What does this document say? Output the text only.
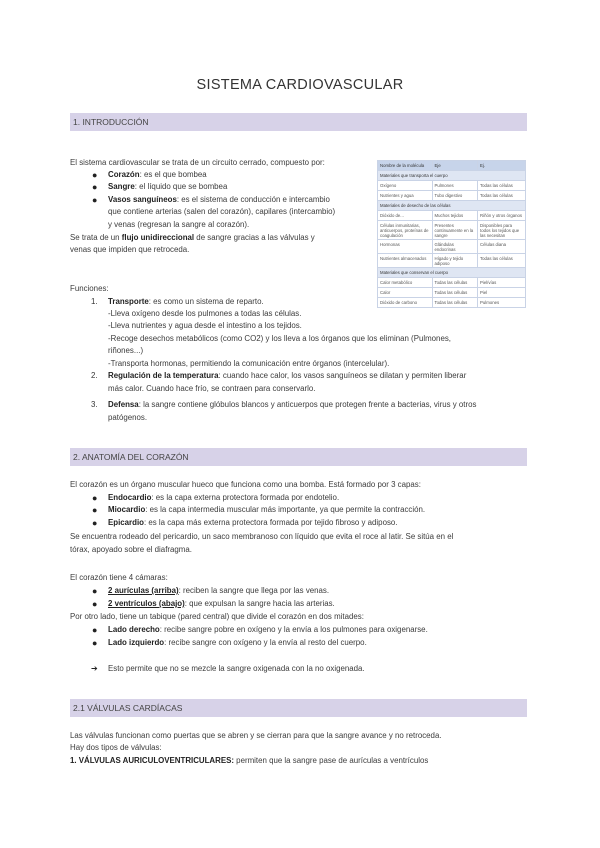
SISTEMA CARDIOVASCULAR
1. INTRODUCCIÓN
El sistema cardiovascular se trata de un circuito cerrado, compuesto por:
● Corazón: es el que bombea
● Sangre: el líquido que se bombea
● Vasos sanguíneos: es el sistema de conducción e intercambio
que contiene arterias (salen del corazón), capilares (intercambio)
y venas (regresan la sangre al corazón).
Se trata de un flujo unidireccional de sangre gracias a las válvulas y
venas que impiden que retroceda.
Nombre de la molécula	Eje	Ej.
Materiales que transporta el cuerpo		
Oxígeno	Pulmones	Todas las células
Nutrientes y agua	Tubo digestivo	Todas las células
Materiales de desecho de las células		
Dióxido de...	Muchos tejidos	Riñón y otros órganos
Células inmunitarias, anticuerpos, proteínas de coagulación	Presentes continuamente en la sangre	Disponibles para todos los tejidos que las necesitan
Hormonas	Glándulas endocrinas	Células diana
Nutrientes almacenados	Hígado y tejido adiposo	Todas las células
Materiales que conservan el cuerpo		
Calor metabólico	Todas las células	Piel/vías
Calor	Todas las células	Piel
Dióxido de carbono	Todas las células	Pulmones
Funciones:
1. Transporte: es como un sistema de reparto.
-Lleva oxígeno desde los pulmones a todas las células.
-Lleva nutrientes y agua desde el intestino a los tejidos.
-Recoge desechos metabólicos (como CO2) y los lleva a los órganos que los eliminan (Pulmones,
riñones...)
-Transporta hormonas, permitiendo la comunicación entre órganos (intercelular).
2. Regulación de la temperatura: cuando hace calor, los vasos sanguíneos se dilatan y permiten liberar
más calor. Cuando hace frío, se contraen para conservarlo.
3. Defensa: la sangre contiene glóbulos blancos y anticuerpos que protegen frente a bacterias, virus y otros
patógenos.
2. ANATOMÍA DEL CORAZÓN
El corazón es un órgano muscular hueco que funciona como una bomba. Está formado por 3 capas:
● Endocardio: es la capa externa protectora formada por endotelio.
● Miocardio: es la capa intermedia muscular más importante, ya que permite la contracción.
● Epicardio: es la capa más externa protectora formada por tejido fibroso y adiposo.
Se encuentra rodeado del pericardio, un saco membranoso con líquido que evita el roce al latir. Se sitúa en el
tórax, apoyado sobre el diafragma.
El corazón tiene 4 cámaras:
● 2 aurículas (arriba): reciben la sangre que llega por las venas.
● 2 ventrículos (abajo): que expulsan la sangre hacia las arterias.
Por otro lado, tiene un tabique (pared central) que divide el corazón en dos mitades:
● Lado derecho: recibe sangre pobre en oxígeno y la envía a los pulmones para oxigenarse.
● Lado izquierdo: recibe sangre con oxígeno y la envía al resto del cuerpo.
➔ Esto permite que no se mezcle la sangre oxigenada con la no oxigenada.
2.1 VÁLVULAS CARDÍACAS
Las válvulas funcionan como puertas que se abren y se cierran para que la sangre avance y no retroceda.
Hay dos tipos de válvulas:
1. VÁLVULAS AURICULOVENTRICULARES: permiten que la sangre pase de aurículas a ventrículos
